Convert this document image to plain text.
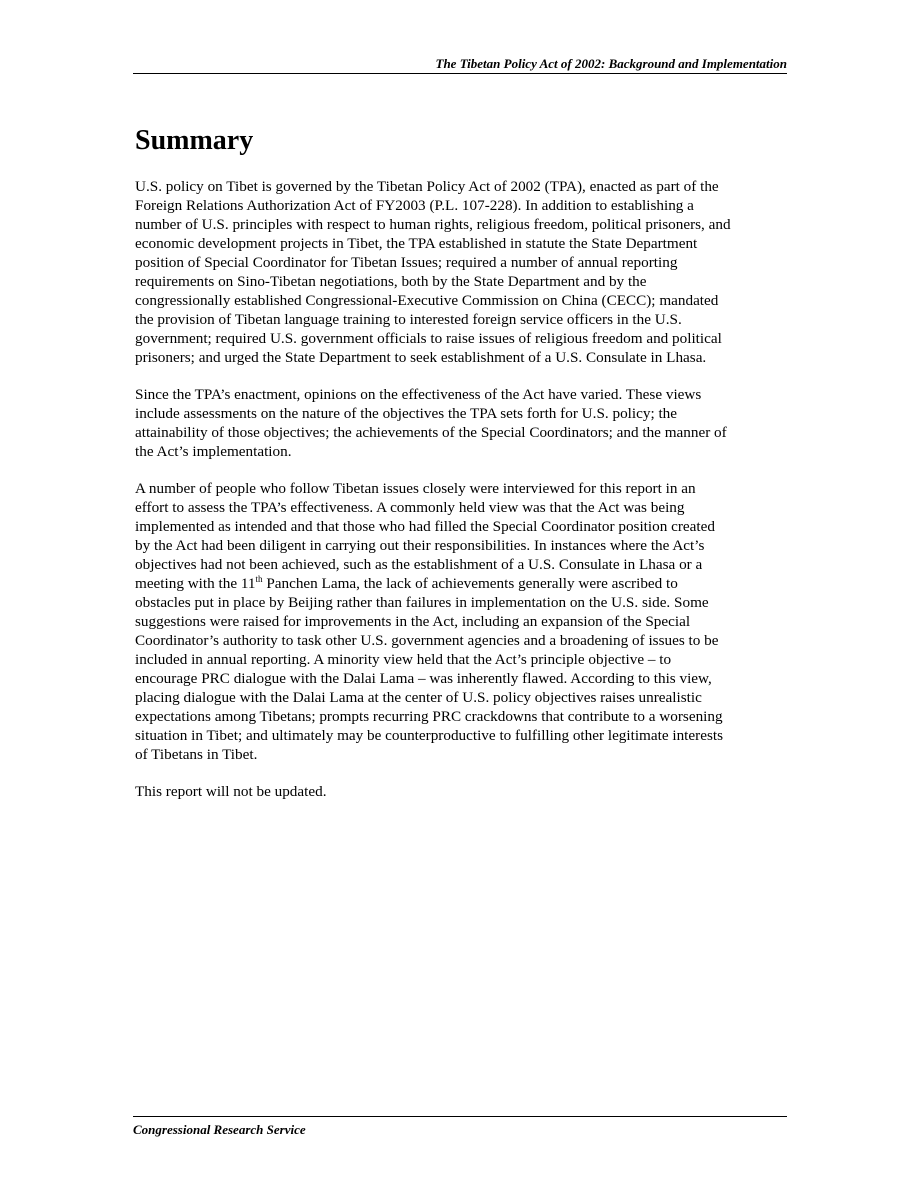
The Tibetan Policy Act of 2002: Background and Implementation
Summary

U.S. policy on Tibet is governed by the Tibetan Policy Act of 2002 (TPA), enacted as part of the
Foreign Relations Authorization Act of FY2003 (P.L. 107-228). In addition to establishing a
number of U.S. principles with respect to human rights, religious freedom, political prisoners, and
economic development projects in Tibet, the TPA established in statute the State Department
position of Special Coordinator for Tibetan Issues; required a number of annual reporting
requirements on Sino-Tibetan negotiations, both by the State Department and by the
congressionally established Congressional-Executive Commission on China (CECC); mandated
the provision of Tibetan language training to interested foreign service officers in the U.S.
government; required U.S. government officials to raise issues of religious freedom and political
prisoners; and urged the State Department to seek establishment of a U.S. Consulate in Lhasa.

Since the TPA’s enactment, opinions on the effectiveness of the Act have varied. These views
include assessments on the nature of the objectives the TPA sets forth for U.S. policy; the
attainability of those objectives; the achievements of the Special Coordinators; and the manner of
the Act’s implementation.

A number of people who follow Tibetan issues closely were interviewed for this report in an
effort to assess the TPA’s effectiveness. A commonly held view was that the Act was being
implemented as intended and that those who had filled the Special Coordinator position created
by the Act had been diligent in carrying out their responsibilities. In instances where the Act’s
objectives had not been achieved, such as the establishment of a U.S. Consulate in Lhasa or a
meeting with the 11th Panchen Lama, the lack of achievements generally were ascribed to
obstacles put in place by Beijing rather than failures in implementation on the U.S. side. Some
suggestions were raised for improvements in the Act, including an expansion of the Special
Coordinator’s authority to task other U.S. government agencies and a broadening of issues to be
included in annual reporting. A minority view held that the Act’s principle objective – to
encourage PRC dialogue with the Dalai Lama – was inherently flawed. According to this view,
placing dialogue with the Dalai Lama at the center of U.S. policy objectives raises unrealistic
expectations among Tibetans; prompts recurring PRC crackdowns that contribute to a worsening
situation in Tibet; and ultimately may be counterproductive to fulfilling other legitimate interests
of Tibetans in Tibet.

This report will not be updated.

Congressional Research Service
